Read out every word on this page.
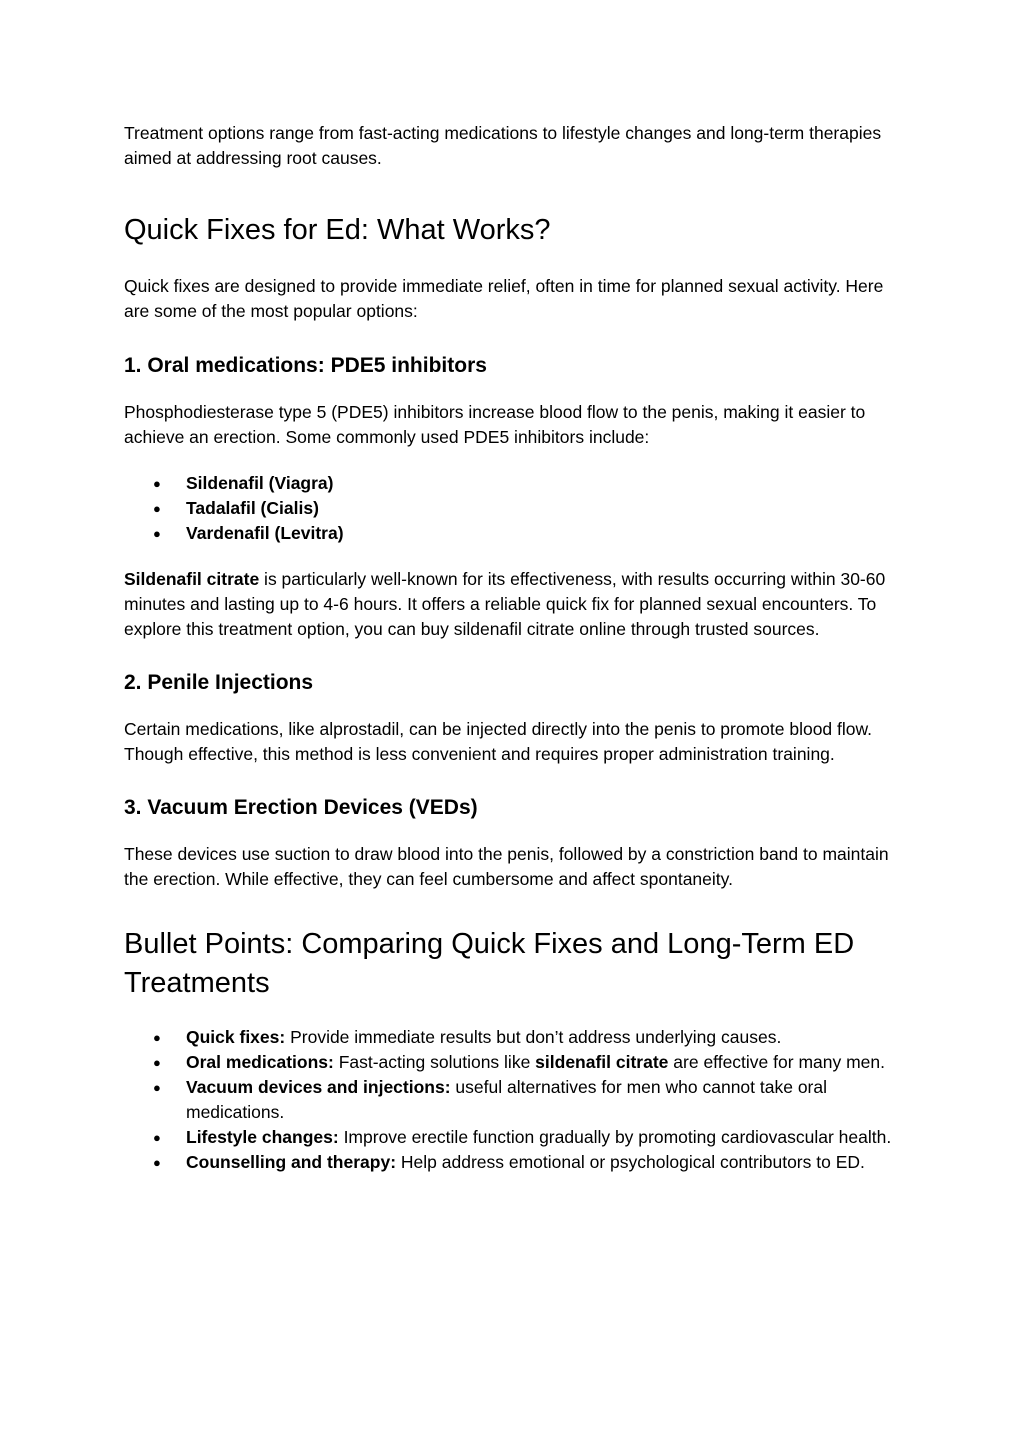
Treatment options range from fast-acting medications to lifestyle changes and long-term therapies aimed at addressing root causes.

Quick Fixes for Ed: What Works?

Quick fixes are designed to provide immediate relief, often in time for planned sexual activity. Here are some of the most popular options:

1. Oral medications: PDE5 inhibitors

Phosphodiesterase type 5 (PDE5) inhibitors increase blood flow to the penis, making it easier to achieve an erection. Some commonly used PDE5 inhibitors include:

● Sildenafil (Viagra)
● Tadalafil (Cialis)
● Vardenafil (Levitra)

Sildenafil citrate is particularly well-known for its effectiveness, with results occurring within 30-60 minutes and lasting up to 4-6 hours. It offers a reliable quick fix for planned sexual encounters. To explore this treatment option, you can buy sildenafil citrate online through trusted sources.

2. Penile Injections

Certain medications, like alprostadil, can be injected directly into the penis to promote blood flow. Though effective, this method is less convenient and requires proper administration training.

3. Vacuum Erection Devices (VEDs)

These devices use suction to draw blood into the penis, followed by a constriction band to maintain the erection. While effective, they can feel cumbersome and affect spontaneity.

Bullet Points: Comparing Quick Fixes and Long-Term ED Treatments
● Quick fixes: Provide immediate results but don’t address underlying causes.
● Oral medications: Fast-acting solutions like sildenafil citrate are effective for many men.
● Vacuum devices and injections: useful alternatives for men who cannot take oral medications.
● Lifestyle changes: Improve erectile function gradually by promoting cardiovascular health.
● Counselling and therapy: Help address emotional or psychological contributors to ED.
